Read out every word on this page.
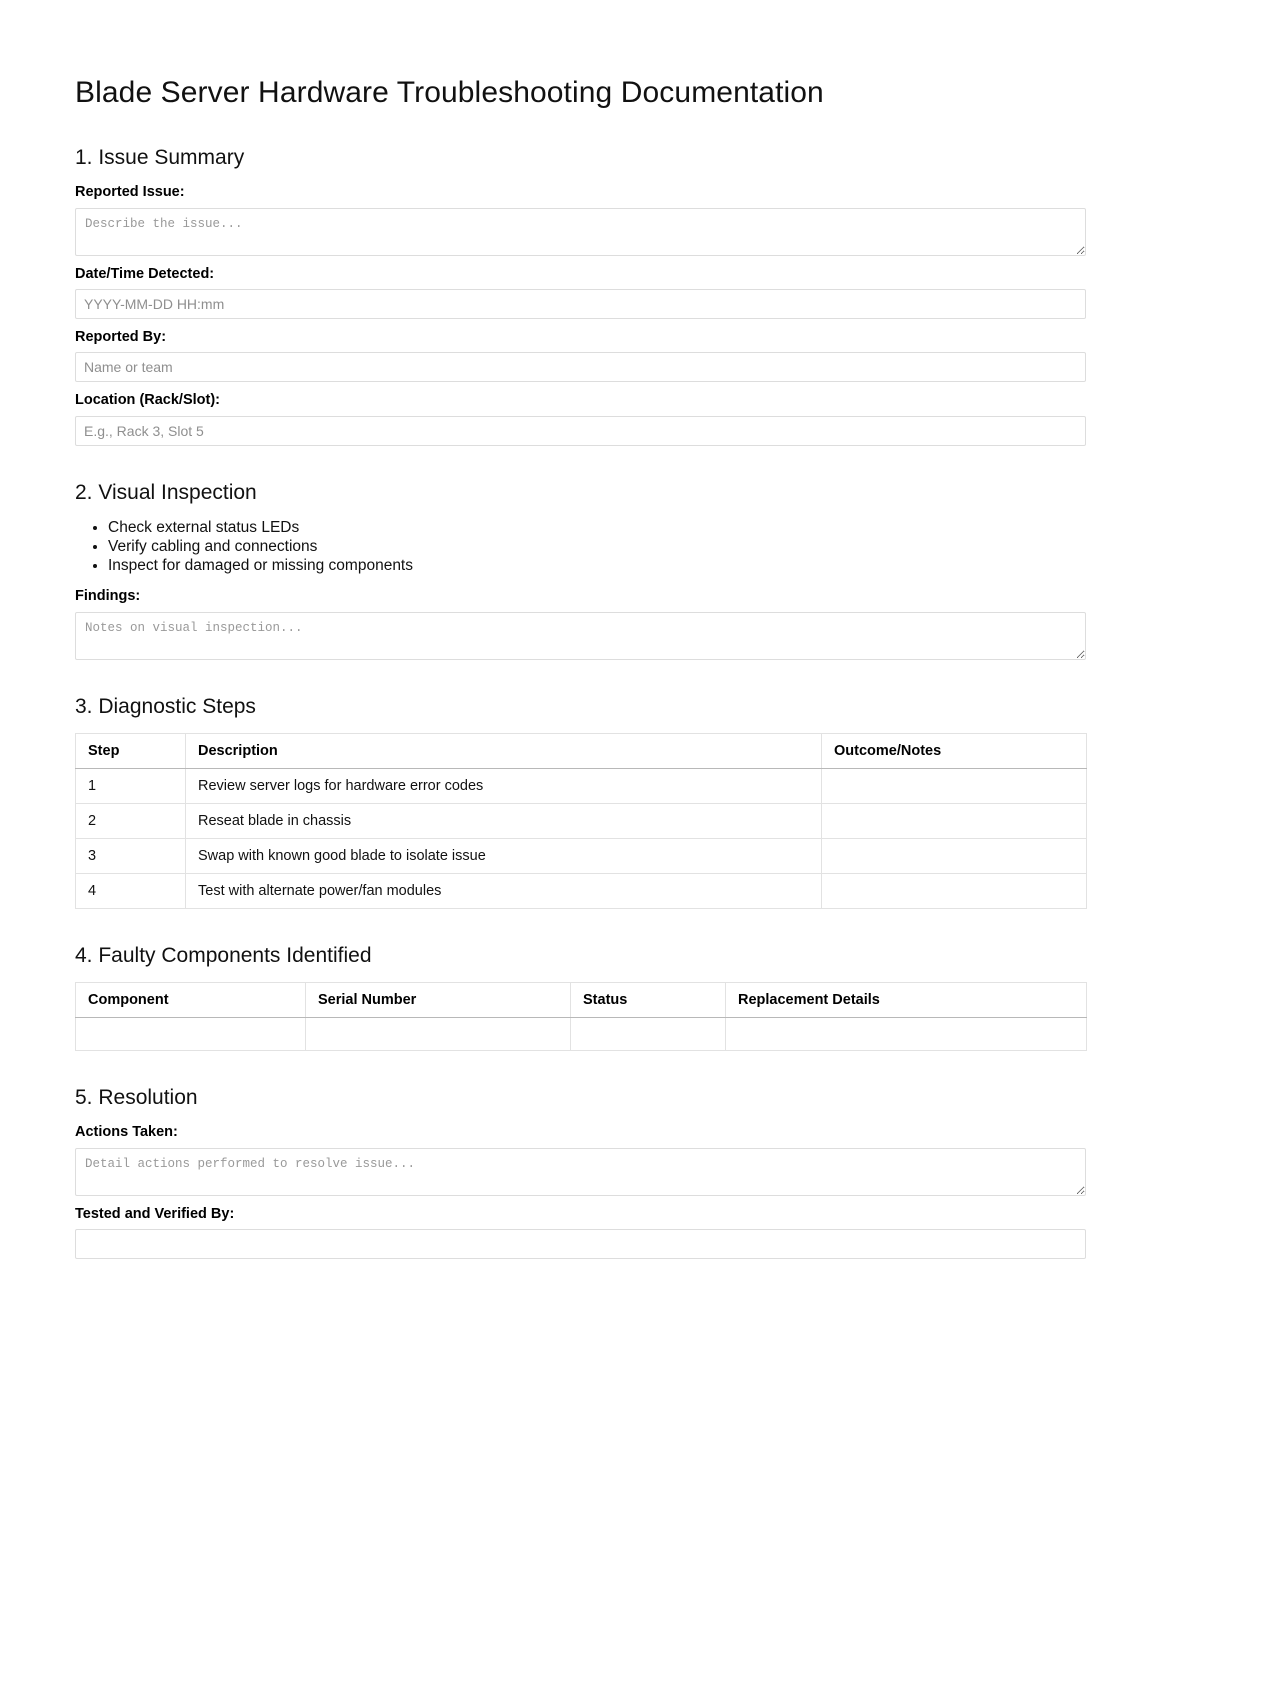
Blade Server Hardware Troubleshooting Documentation
1. Issue Summary
Reported Issue:
Describe the issue...
Date/Time Detected:
YYYY-MM-DD HH:mm
Reported By:
Name or team
Location (Rack/Slot):
E.g., Rack 3, Slot 5
2. Visual Inspection
• Check external status LEDs
• Verify cabling and connections
• Inspect for damaged or missing components
Findings:
Notes on visual inspection...
3. Diagnostic Steps
Step	Description	Outcome/Notes
1	Review server logs for hardware error codes	
2	Reseat blade in chassis	
3	Swap with known good blade to isolate issue	
4	Test with alternate power/fan modules	
4. Faulty Components Identified
Component	Serial Number	Status	Replacement Details

5. Resolution
Actions Taken:
Detail actions performed to resolve issue...
Tested and Verified By:
